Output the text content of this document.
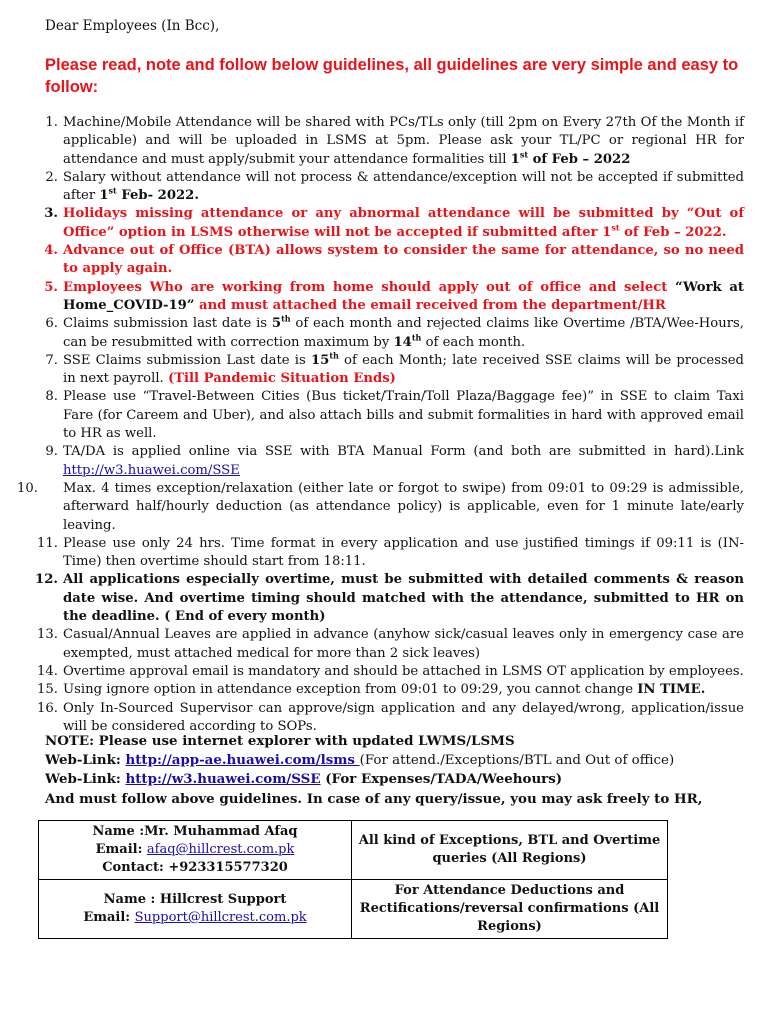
Dear Employees (In Bcc),
Please read, note and follow below guidelines, all guidelines are very simple and easy to follow:
1. Machine/Mobile Attendance will be shared with PCs/TLs only (till 2pm on Every 27th Of the Month if applicable) and will be uploaded in LSMS at 5pm. Please ask your TL/PC or regional HR for attendance and must apply/submit your attendance formalities till 1st of Feb – 2022
2. Salary without attendance will not process & attendance/exception will not be accepted if submitted after 1st Feb- 2022.
3. Holidays missing attendance or any abnormal attendance will be submitted by “Out of Office” option in LSMS otherwise will not be accepted if submitted after 1st of Feb – 2022.
4. Advance out of Office (BTA) allows system to consider the same for attendance, so no need to apply again.
5. Employees Who are working from home should apply out of office and select “Work at Home_COVID-19” and must attached the email received from the department/HR
6. Claims submission last date is 5th of each month and rejected claims like Overtime /BTA/Wee-Hours, can be resubmitted with correction maximum by 14th of each month.
7. SSE Claims submission Last date is 15th of each Month; late received SSE claims will be processed in next payroll. (Till Pandemic Situation Ends)
8. Please use “Travel-Between Cities (Bus ticket/Train/Toll Plaza/Baggage fee)” in SSE to claim Taxi Fare (for Careem and Uber), and also attach bills and submit formalities in hard with approved email to HR as well.
9. TA/DA is applied online via SSE with BTA Manual Form (and both are submitted in hard).Link http://w3.huawei.com/SSE
10. Max. 4 times exception/relaxation (either late or forgot to swipe) from 09:01 to 09:29 is admissible, afterward half/hourly deduction (as attendance policy) is applicable, even for 1 minute late/early leaving.
11. Please use only 24 hrs. Time format in every application and use justified timings if 09:11 is (IN-Time) then overtime should start from 18:11.
12. All applications especially overtime, must be submitted with detailed comments & reason date wise. And overtime timing should matched with the attendance, submitted to HR on the deadline. ( End of every month)
13. Casual/Annual Leaves are applied in advance (anyhow sick/casual leaves only in emergency case are exempted, must attached medical for more than 2 sick leaves)
14. Overtime approval email is mandatory and should be attached in LSMS OT application by employees.
15. Using ignore option in attendance exception from 09:01 to 09:29, you cannot change IN TIME.
16. Only In-Sourced Supervisor can approve/sign application and any delayed/wrong, application/issue will be considered according to SOPs.
NOTE: Please use internet explorer with updated LWMS/LSMS
Web-Link: http://app-ae.huawei.com/lsms (For attend./Exceptions/BTL and Out of office)
Web-Link: http://w3.huawei.com/SSE (For Expenses/TADA/Weehours)
And must follow above guidelines. In case of any query/issue, you may ask freely to HR,
Name :Mr. Muhammad Afaq
Email: afaq@hillcrest.com.pk
Contact: +923315577320	All kind of Exceptions, BTL and Overtime queries (All Regions)

Name : Hillcrest Support
Email: Support@hillcrest.com.pk	For Attendance Deductions and Rectifications/reversal confirmations (All Regions)
